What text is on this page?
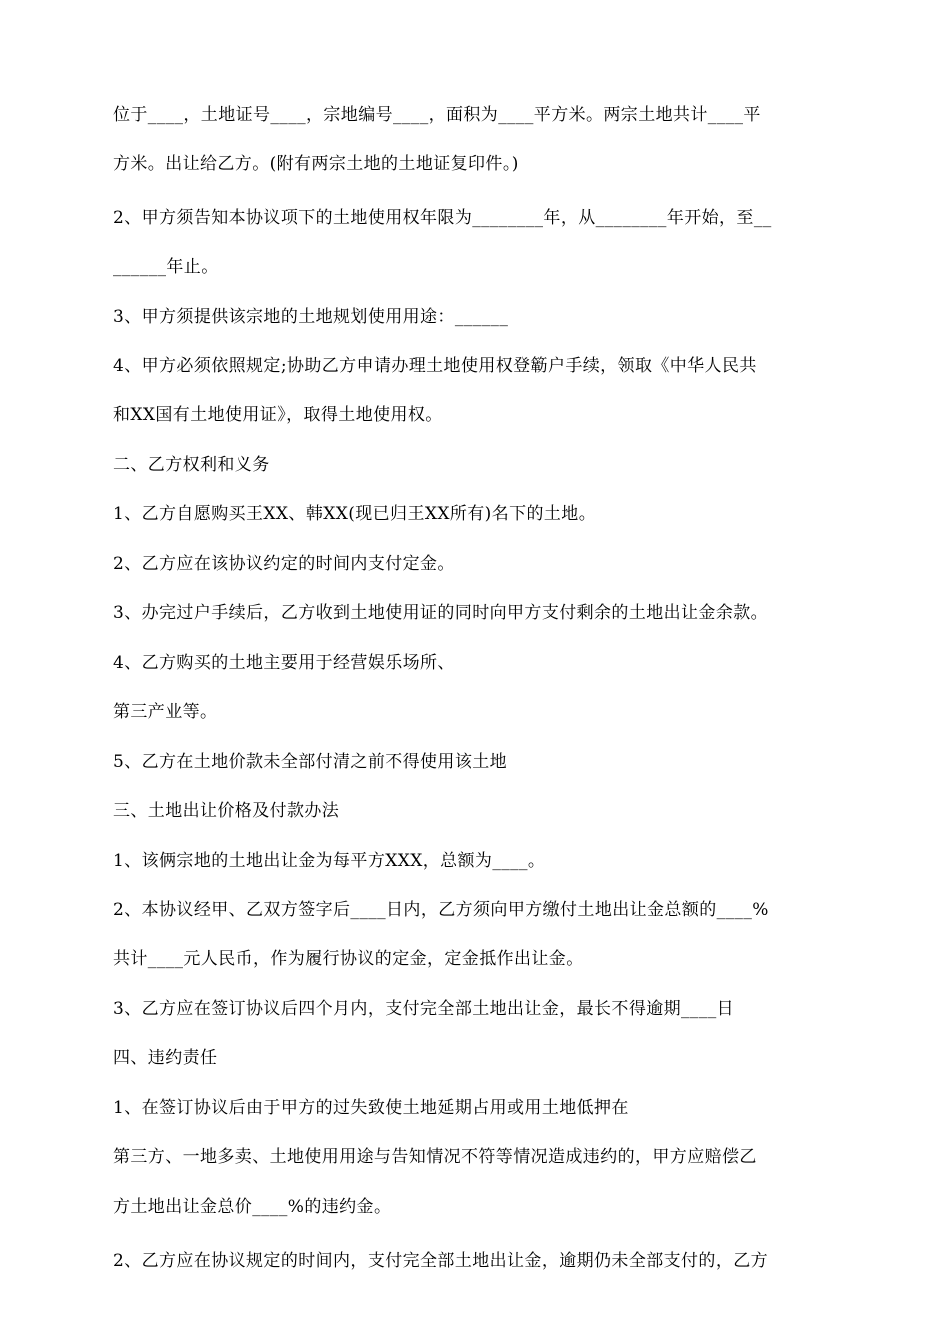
位于____，土地证号____，宗地编号____，面积为____平方米。两宗土地共计____平
方米。出让给乙方。(附有两宗土地的土地证复印件。)
2、甲方须告知本协议项下的土地使用权年限为________年，从________年开始，至__
______年止。
3、甲方须提供该宗地的土地规划使用用途：______
4、甲方必须依照规定;协助乙方申请办理土地使用权登簕户手续，领取《中华人民共
和XX国有土地使用证》，取得土地使用权。
二、乙方权利和义务
1、乙方自愿购买王XX、韩XX(现已归王XX所有)名下的土地。
2、乙方应在该协议约定的时间内支付定金。
3、办完过户手续后，乙方收到土地使用证的同时向甲方支付剩余的土地出让金余款。
4、乙方购买的土地主要用于经营娱乐场所、
第三产业等。
5、乙方在土地价款未全部付清之前不得使用该土地
三、土地出让价格及付款办法
1、该俩宗地的土地出让金为每平方XXX，总额为____。
2、本协议经甲、乙双方签字后____日内，乙方须向甲方缴付土地出让金总额的____%
共计____元人民币，作为履行协议的定金，定金抵作出让金。
3、乙方应在签订协议后四个月内，支付完全部土地出让金，最长不得逾期____日
四、违约责任
1、在签订协议后由于甲方的过失致使土地延期占用或用土地低押在
第三方、一地多卖、土地使用用途与告知情况不符等情况造成违约的，甲方应赔偿乙
方土地出让金总价____%的违约金。
2、乙方应在协议规定的时间内，支付完全部土地出让金，逾期仍未全部支付的，乙方
